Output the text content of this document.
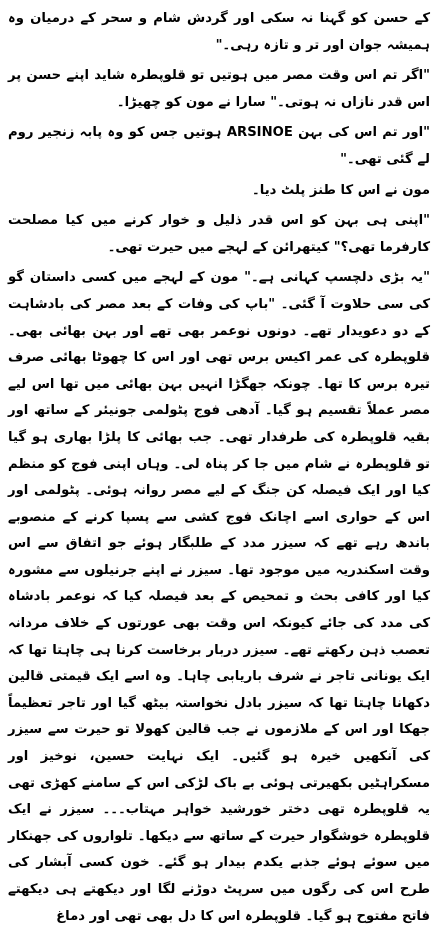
کے حسن کو گہنا نہ سکی اور گردش شام و سحر کے درمیان وہ ہمیشہ جوان اور تر و تازہ رہی۔"

"اگر تم اس وقت مصر میں ہوتیں تو قلوپطرہ شاید اپنے حسن پر اس قدر نازاں نہ ہوتی۔" سارا نے مون کو چھیڑا۔

"اور تم اس کی بہن ARSINOE ہوتیں جس کو وہ پابہ زنجیر روم لے گئی تھی۔"

مون نے اس کا طنز پلٹ دیا۔

"اپنی ہی بہن کو اس قدر ذلیل و خوار کرنے میں کیا مصلحت کارفرما تھی؟" کیتھرائن کے لہجے میں حیرت تھی۔

"یہ بڑی دلچسپ کہانی ہے۔" مون کے لہجے میں کسی داستان گو کی سی حلاوت آ گئی۔ "باپ کی وفات کے بعد مصر کی بادشاہت کے دو دعویدار تھے۔ دونوں نوعمر بھی تھے اور بہن بھائی بھی۔ قلوپطرہ کی عمر اکیس برس تھی اور اس کا چھوٹا بھائی صرف تیرہ برس کا تھا۔ چونکہ جھگڑا انہیں بہن بھائی میں تھا اس لیے مصر عملاً تقسیم ہو گیا۔ آدھی فوج پٹولمی جونیئر کے ساتھ اور بقیہ قلوپطرہ کی طرفدار تھی۔ جب بھائی کا پلڑا بھاری ہو گیا تو قلوپطرہ نے شام میں جا کر پناہ لی۔ وہاں اپنی فوج کو منظم کیا اور ایک فیصلہ کن جنگ کے لیے مصر روانہ ہوئی۔ پٹولمی اور اس کے حواری اسے اچانک فوج کشی سے پسپا کرنے کے منصوبے باندھ رہے تھے کہ سیزر مدد کے طلبگار ہوئے جو اتفاق سے اس وقت اسکندریہ میں موجود تھا۔ سیزر نے اپنے جرنیلوں سے مشورہ کیا اور کافی بحث و تمحیص کے بعد فیصلہ کیا کہ نوعمر بادشاہ کی مدد کی جائے کیونکہ اس وقت بھی عورتوں کے خلاف مردانہ تعصب ذہن رکھتے تھے۔ سیزر دربار برخاست کرنا ہی چاہتا تھا کہ ایک یونانی تاجر نے شرف باریابی چاہا۔ وہ اسے ایک قیمتی قالین دکھانا چاہتا تھا کہ سیزر بادل نخواستہ بیٹھ گیا اور تاجر تعظیماً جھکا اور اس کے ملازموں نے جب قالین کھولا تو حیرت سے سیزر کی آنکھیں خیرہ ہو گئیں۔ ایک نہایت حسین، نوخیز اور مسکراہٹیں بکھیرتی ہوئی بے باک لڑکی اس کے سامنے کھڑی تھی یہ قلوپطرہ تھی دختر خورشید خواہر مہتاب۔۔۔ سیزر نے ایک قلوپطرہ خوشگوار حیرت کے ساتھ سے دیکھا۔ تلواروں کی جھنکار میں سوئے ہوئے جذبے یکدم بیدار ہو گئے۔ خون کسی آبشار کی طرح اس کی رگوں میں سرپٹ دوڑنے لگا اور دیکھتے ہی دیکھتے فاتح مفتوح ہو گیا۔ قلوپطرہ اس کا دل بھی تھی اور دماغ
